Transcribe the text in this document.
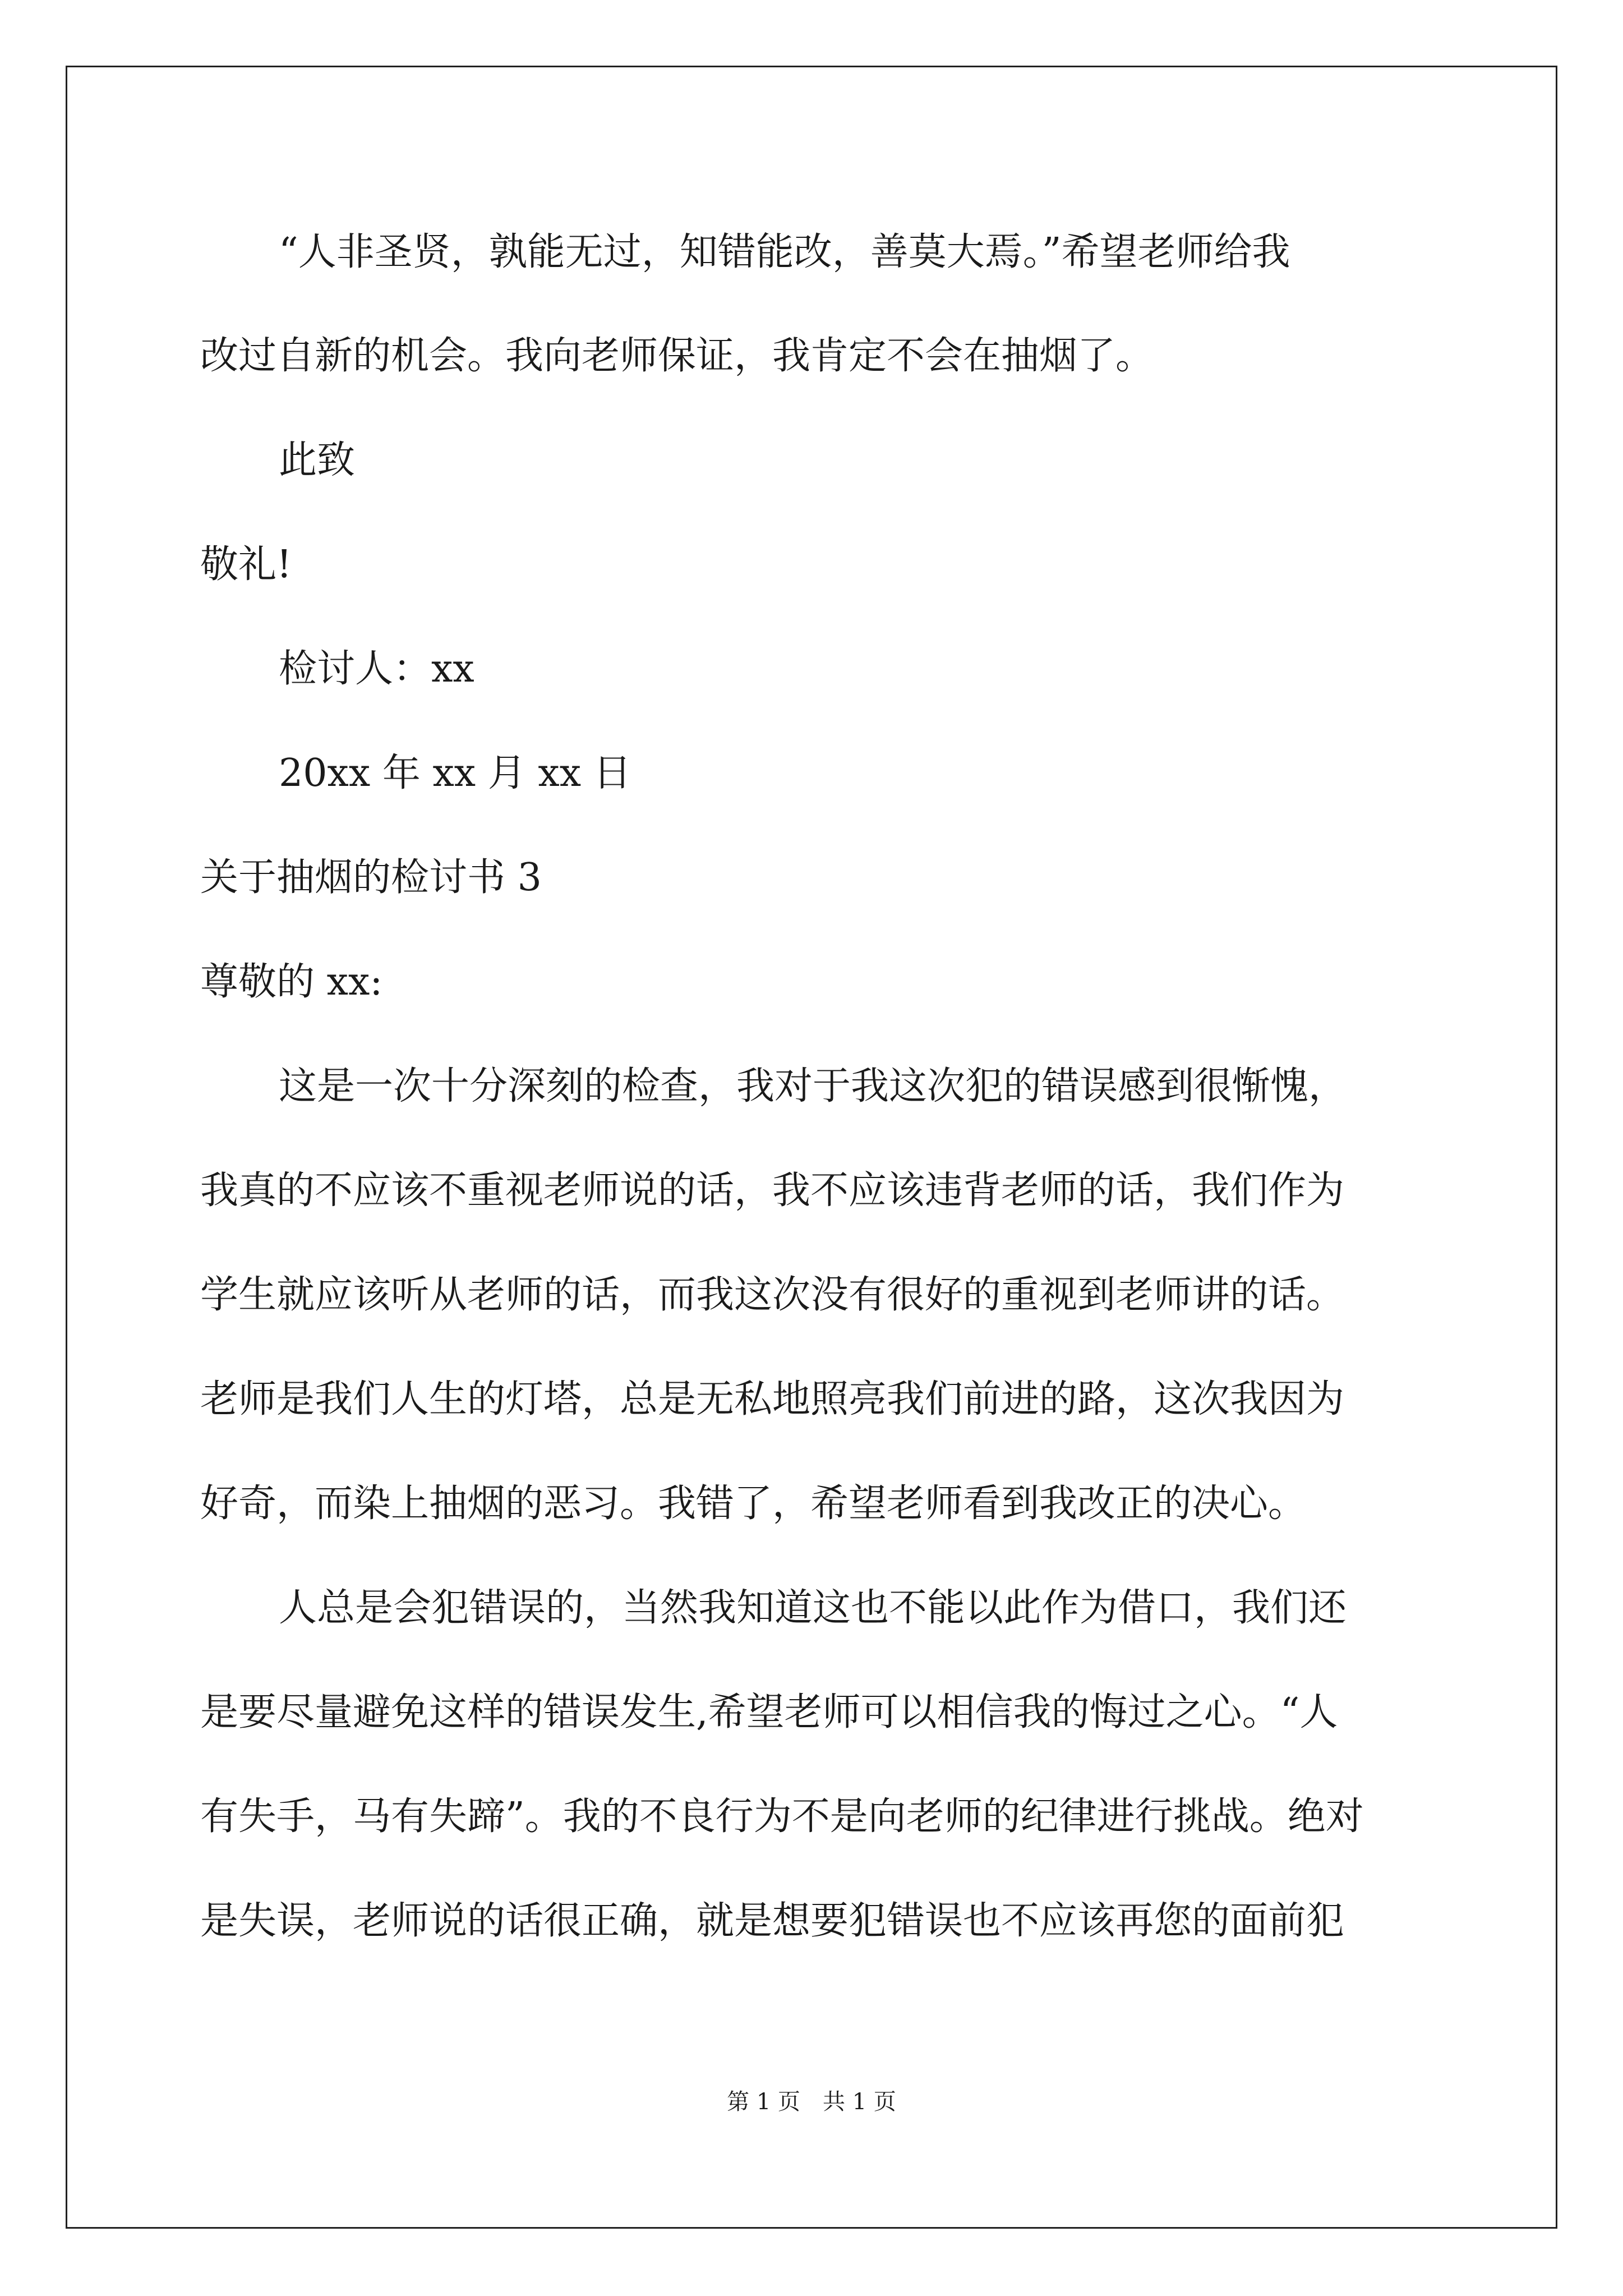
“人非圣贤，孰能无过，知错能改，善莫大焉。”希望老师给我
改过自新的机会。我向老师保证，我肯定不会在抽烟了。
此致
敬礼!
检讨人：xx
20xx 年 xx 月 xx 日
关于抽烟的检讨书 3
尊敬的 xx:
这是一次十分深刻的检查，我对于我这次犯的错误感到很惭愧，
我真的不应该不重视老师说的话，我不应该违背老师的话，我们作为
学生就应该听从老师的话，而我这次没有很好的重视到老师讲的话。
老师是我们人生的灯塔，总是无私地照亮我们前进的路，这次我因为
好奇，而染上抽烟的恶习。我错了，希望老师看到我改正的决心。
人总是会犯错误的，当然我知道这也不能以此作为借口，我们还
是要尽量避免这样的错误发生,希望老师可以相信我的悔过之心。“人
有失手，马有失蹄”。我的不良行为不是向老师的纪律进行挑战。绝对
是失误，老师说的话很正确，就是想要犯错误也不应该再您的面前犯
第 1 页　共 1 页
